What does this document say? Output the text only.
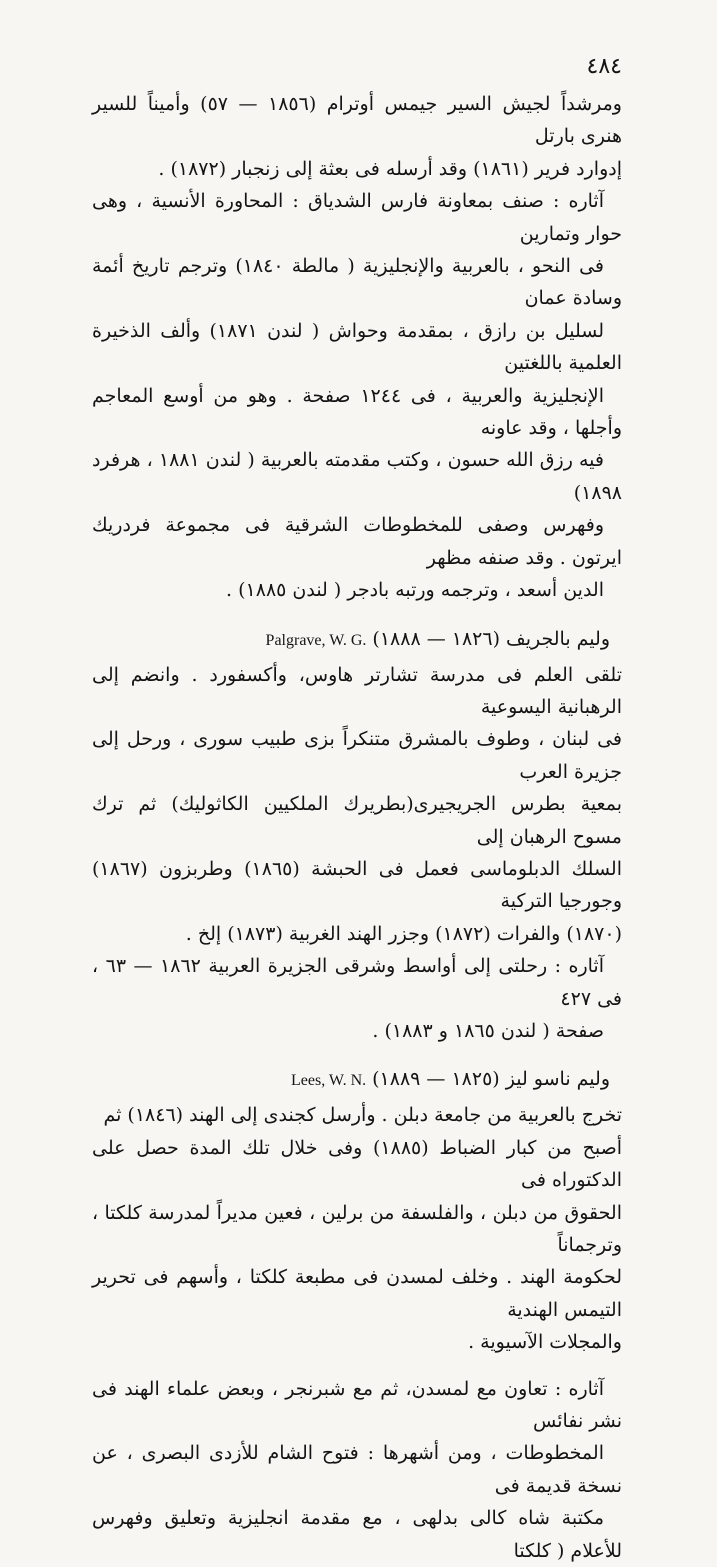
٤٨٤

ومرشداً لجيش السير جيمس أوترام (١٨٥٦ — ٥٧) وأميناً للسير هنرى بارتل
إدوارد فرير (١٨٦١) وقد أرسله فى بعثة إلى زنجبار (١٨٧٢) .

آثاره : صنف بمعاونة فارس الشدياق : المحاورة الأنسية ، وهى حوار وتمارين
فى النحو ، بالعربية والإنجليزية ( مالطة ١٨٤٠) وترجم تاريخ أئمة وسادة عمان
لسليل بن رازق ، بمقدمة وحواش ( لندن ١٨٧١) وألف الذخيرة العلمية باللغتين
الإنجليزية والعربية ، فى ١٢٤٤ صفحة . وهو من أوسع المعاجم وأجلها ، وقد عاونه
فيه رزق الله حسون ، وكتب مقدمته بالعربية ( لندن ١٨٨١ ، هرفرد ١٨٩٨)
وفهرس وصفى للمخطوطات الشرقية فى مجموعة فردريك ايرتون . وقد صنفه مظهر
الدين أسعد ، وترجمه ورتبه بادجر ( لندن ١٨٨٥) .

وليم بالجريف (١٨٢٦ — ١٨٨٨)
Palgrave, W. G.

تلقى العلم فى مدرسة تشارتر هاوس، وأكسفورد . وانضم إلى الرهبانية اليسوعية
فى لبنان ، وطوف بالمشرق متنكراً بزى طبيب سورى ، ورحل إلى جزيرة العرب
بمعية بطرس الجريجيرى(بطريرك الملكيين الكاثوليك) ثم ترك مسوح الرهبان إلى
السلك الدبلوماسى فعمل فى الحبشة (١٨٦٥) وطربزون (١٨٦٧) وجورجيا التركية
(١٨٧٠) والفرات (١٨٧٢) وجزر الهند الغربية (١٨٧٣) إلخ .

آثاره : رحلتى إلى أواسط وشرقى الجزيرة العربية ١٨٦٢ — ٦٣ ، فى ٤٢٧
صفحة ( لندن ١٨٦٥ و ١٨٨٣) .

وليم ناسو ليز (١٨٢٥ — ١٨٨٩)
Lees, W. N.

تخرج بالعربية من جامعة دبلن . وأرسل كجندى إلى الهند (١٨٤٦) ثم
أصبح من كبار الضباط (١٨٨٥) وفى خلال تلك المدة حصل على الدكتوراه فى
الحقوق من دبلن ، والفلسفة من برلين ، فعين مديراً لمدرسة كلكتا ، وترجماناً
لحكومة الهند . وخلف لمسدن فى مطبعة كلكتا ، وأسهم فى تحرير التيمس الهندية
والمجلات الآسيوية .

آثاره : تعاون مع لمسدن، ثم مع شبرنجر ، وبعض علماء الهند فى نشر نفائس
المخطوطات ، ومن أشهرها : فتوح الشام للأزدى البصرى ، عن نسخة قديمة فى
مكتبة شاه كالى بدلهى ، مع مقدمة انجليزية وتعليق وفهرس للأعلام ( كلكتا
